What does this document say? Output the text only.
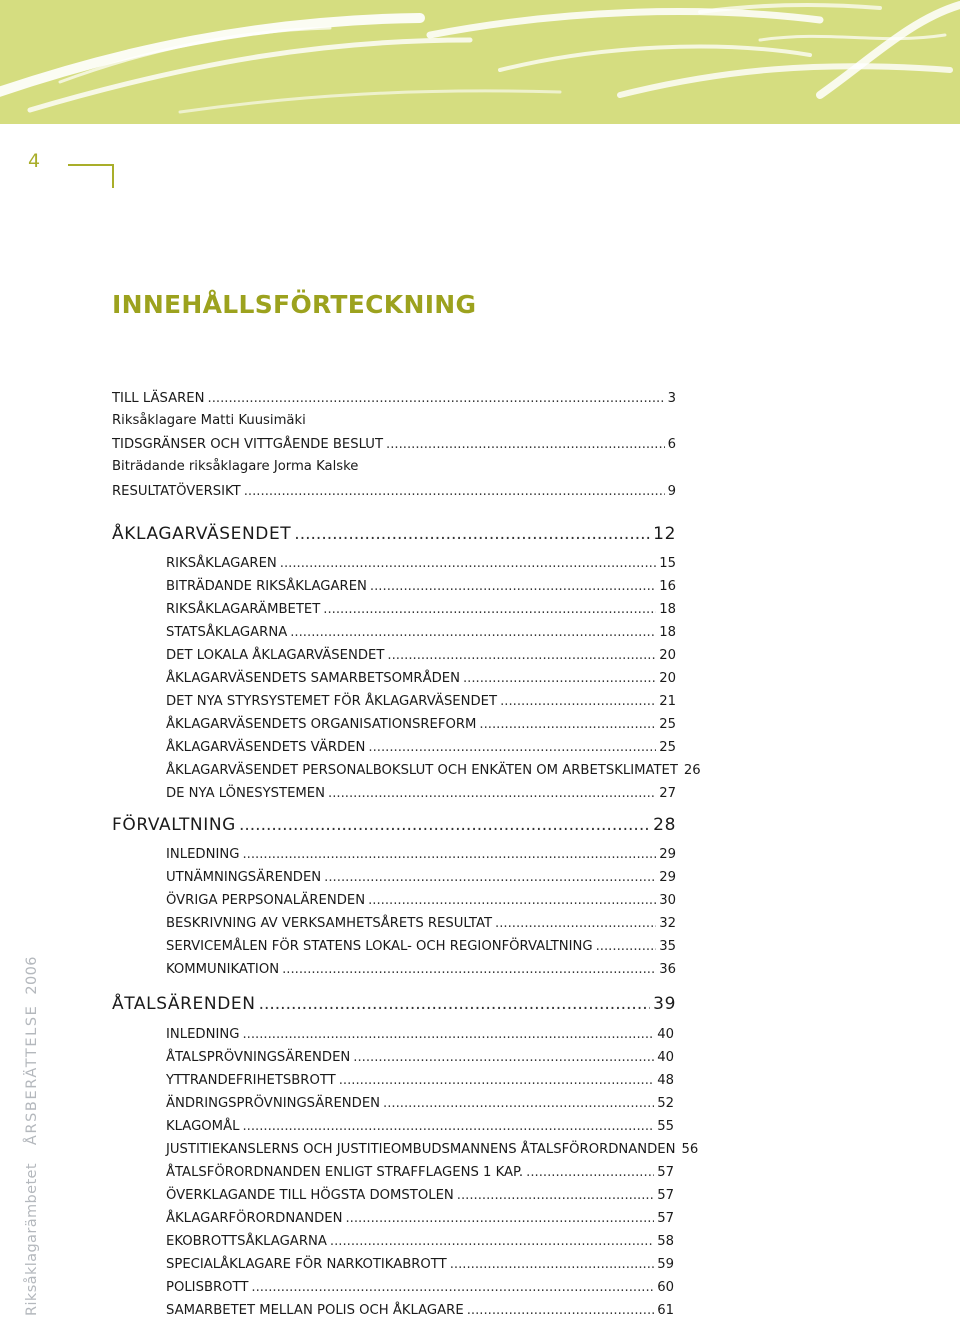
4
RiksåklagarämbetetÅRSBERÄTTELSE2006
INNEHÅLLSFÖRTECKNING
TILL LÄSAREN .....	3
Riksåklagare Matti Kuusimäki
TIDSGRÄNSER OCH VITTGÅENDE BESLUT .....	6
Biträdande riksåklagare Jorma Kalske
RESULTATÖVERSIKT .....	9
ÅKLAGARVÄSENDET .....	12
RIKSÅKLAGAREN .....	15
BITRÄDANDE RIKSÅKLAGAREN .....	16
RIKSÅKLAGARÄMBETET .....	18
STATSÅKLAGARNA .....	18
DET LOKALA ÅKLAGARVÄSENDET .....	20
ÅKLAGARVÄSENDETS SAMARBETSOMRÅDEN .....	20
DET NYA STYRSYSTEMET FÖR ÅKLAGARVÄSENDET .....	21
ÅKLAGARVÄSENDETS ORGANISATIONSREFORM .....	25
ÅKLAGARVÄSENDETS VÄRDEN .....	25
ÅKLAGARVÄSENDET PERSONALBOKSLUT OCH ENKÄTEN OM ARBETSKLIMATET 26
DE NYA LÖNESYSTEMEN .....	27
FÖRVALTNING .....	28
INLEDNING .....	29
UTNÄMNINGSÄRENDEN .....	29
ÖVRIGA PERPSONALÄRENDEN .....	30
BESKRIVNING AV VERKSAMHETSÅRETS RESULTAT .....	32
SERVICEMÅLEN FÖR STATENS LOKAL- OCH REGIONFÖRVALTNING .....	35
KOMMUNIKATION .....	36
ÅTALSÄRENDEN .....	39
INLEDNING .....	40
ÅTALSPRÖVNINGSÄRENDEN .....	40
YTTRANDEFRIHETSBROTT .....	48
ÄNDRINGSPRÖVNINGSÄRENDEN .....	52
KLAGOMÅL .....	55
JUSTITIEKANSLERNS OCH JUSTITIEOMBUDSMANNENS ÅTALSFÖRORDNANDEN 56
ÅTALSFÖRORDNANDEN ENLIGT STRAFFLAGENS 1 KAP. .....	57
ÖVERKLAGANDE TILL HÖGSTA DOMSTOLEN .....	57
ÅKLAGARFÖRORDNANDEN .....	57
EKOBROTTSÅKLAGARNA .....	58
SPECIALÅKLAGARE FÖR NARKOTIKABROTT .....	59
POLISBROTT .....	60
SAMARBETET MELLAN POLIS OCH ÅKLAGARE .....	61
